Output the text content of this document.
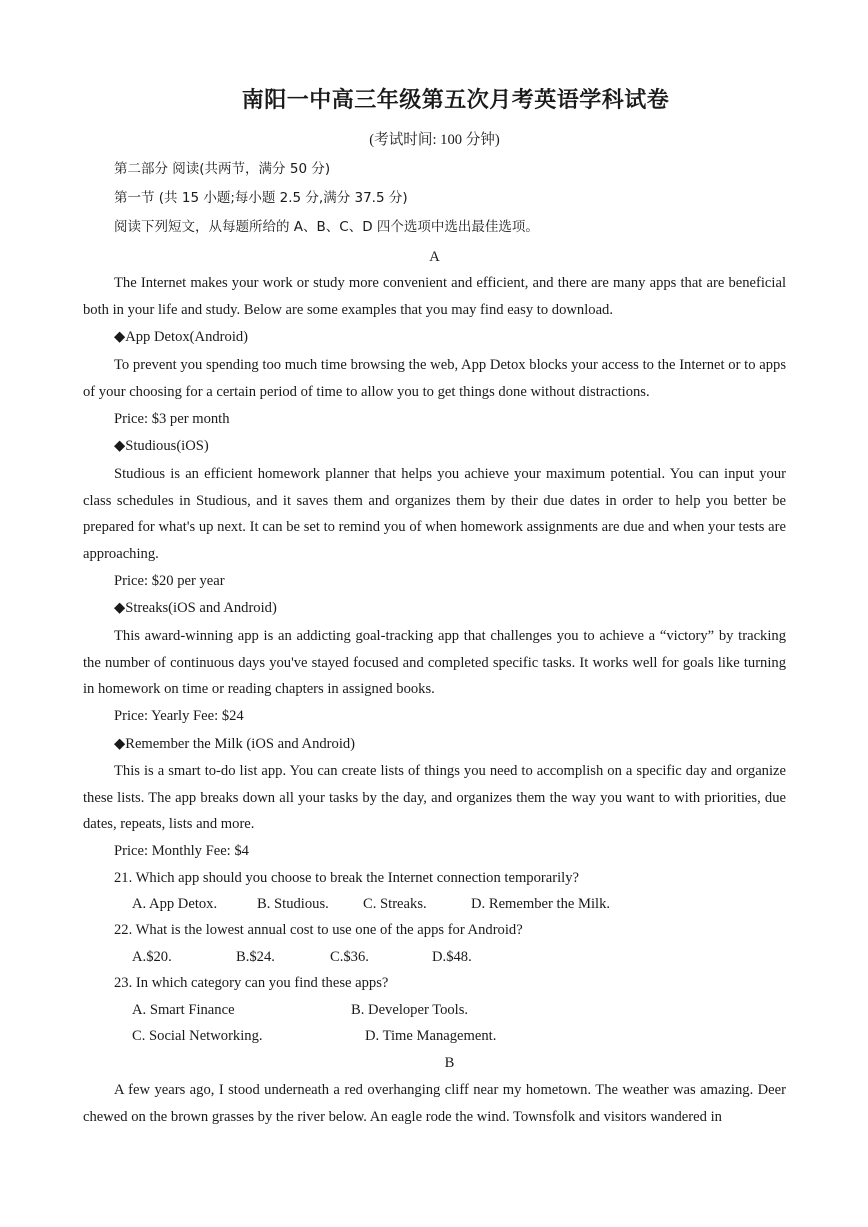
南阳一中高三年级第五次月考英语学科试卷
(考试时间: 100 分钟)
第二部分 阅读(共两节，满分 50 分)
第一节 (共 15 小题;每小题 2.5 分,满分 37.5 分)
阅读下列短文，从每题所给的 A、B、C、D 四个选项中选出最佳选项。
A
The Internet makes your work or study more convenient and efficient, and there are many apps that are beneficial both in your life and study. Below are some examples that you may find easy to download.
◆App Detox(Android)
To prevent you spending too much time browsing the web, App Detox blocks your access to the Internet or to apps of your choosing for a certain period of time to allow you to get things done without distractions.
Price: $3 per month
◆Studious(iOS)
Studious is an efficient homework planner that helps you achieve your maximum potential. You can input your class schedules in Studious, and it saves them and organizes them by their due dates in order to help you better be prepared for what's up next. It can be set to remind you of when homework assignments are due and when your tests are approaching.
Price: $20 per year
◆Streaks(iOS and Android)
This award-winning app is an addicting goal-tracking app that challenges you to achieve a “victory” by tracking the number of continuous days you've stayed focused and completed specific tasks. It works well for goals like turning in homework on time or reading chapters in assigned books.
Price: Yearly Fee: $24
◆Remember the Milk (iOS and Android)
This is a smart to-do list app. You can create lists of things you need to accomplish on a specific day and organize these lists. The app breaks down all your tasks by the day, and organizes them the way you want to with priorities, due dates, repeats, lists and more.
Price: Monthly Fee: $4
21. Which app should you choose to break the Internet connection temporarily?
A. App Detox.	B. Studious. C. Streaks.	D. Remember the Milk.
22. What is the lowest annual cost to use one of the apps for Android?
A.$20.	B.$24.	C.$36.	D.$48.
23. In which category can you find these apps?
A. Smart Finance	B. Developer Tools.
C. Social Networking.	D. Time Management.
B
A few years ago, I stood underneath a red overhanging cliff near my hometown. The weather was amazing. Deer chewed on the brown grasses by the river below. An eagle rode the wind. Townsfolk and visitors wandered in
